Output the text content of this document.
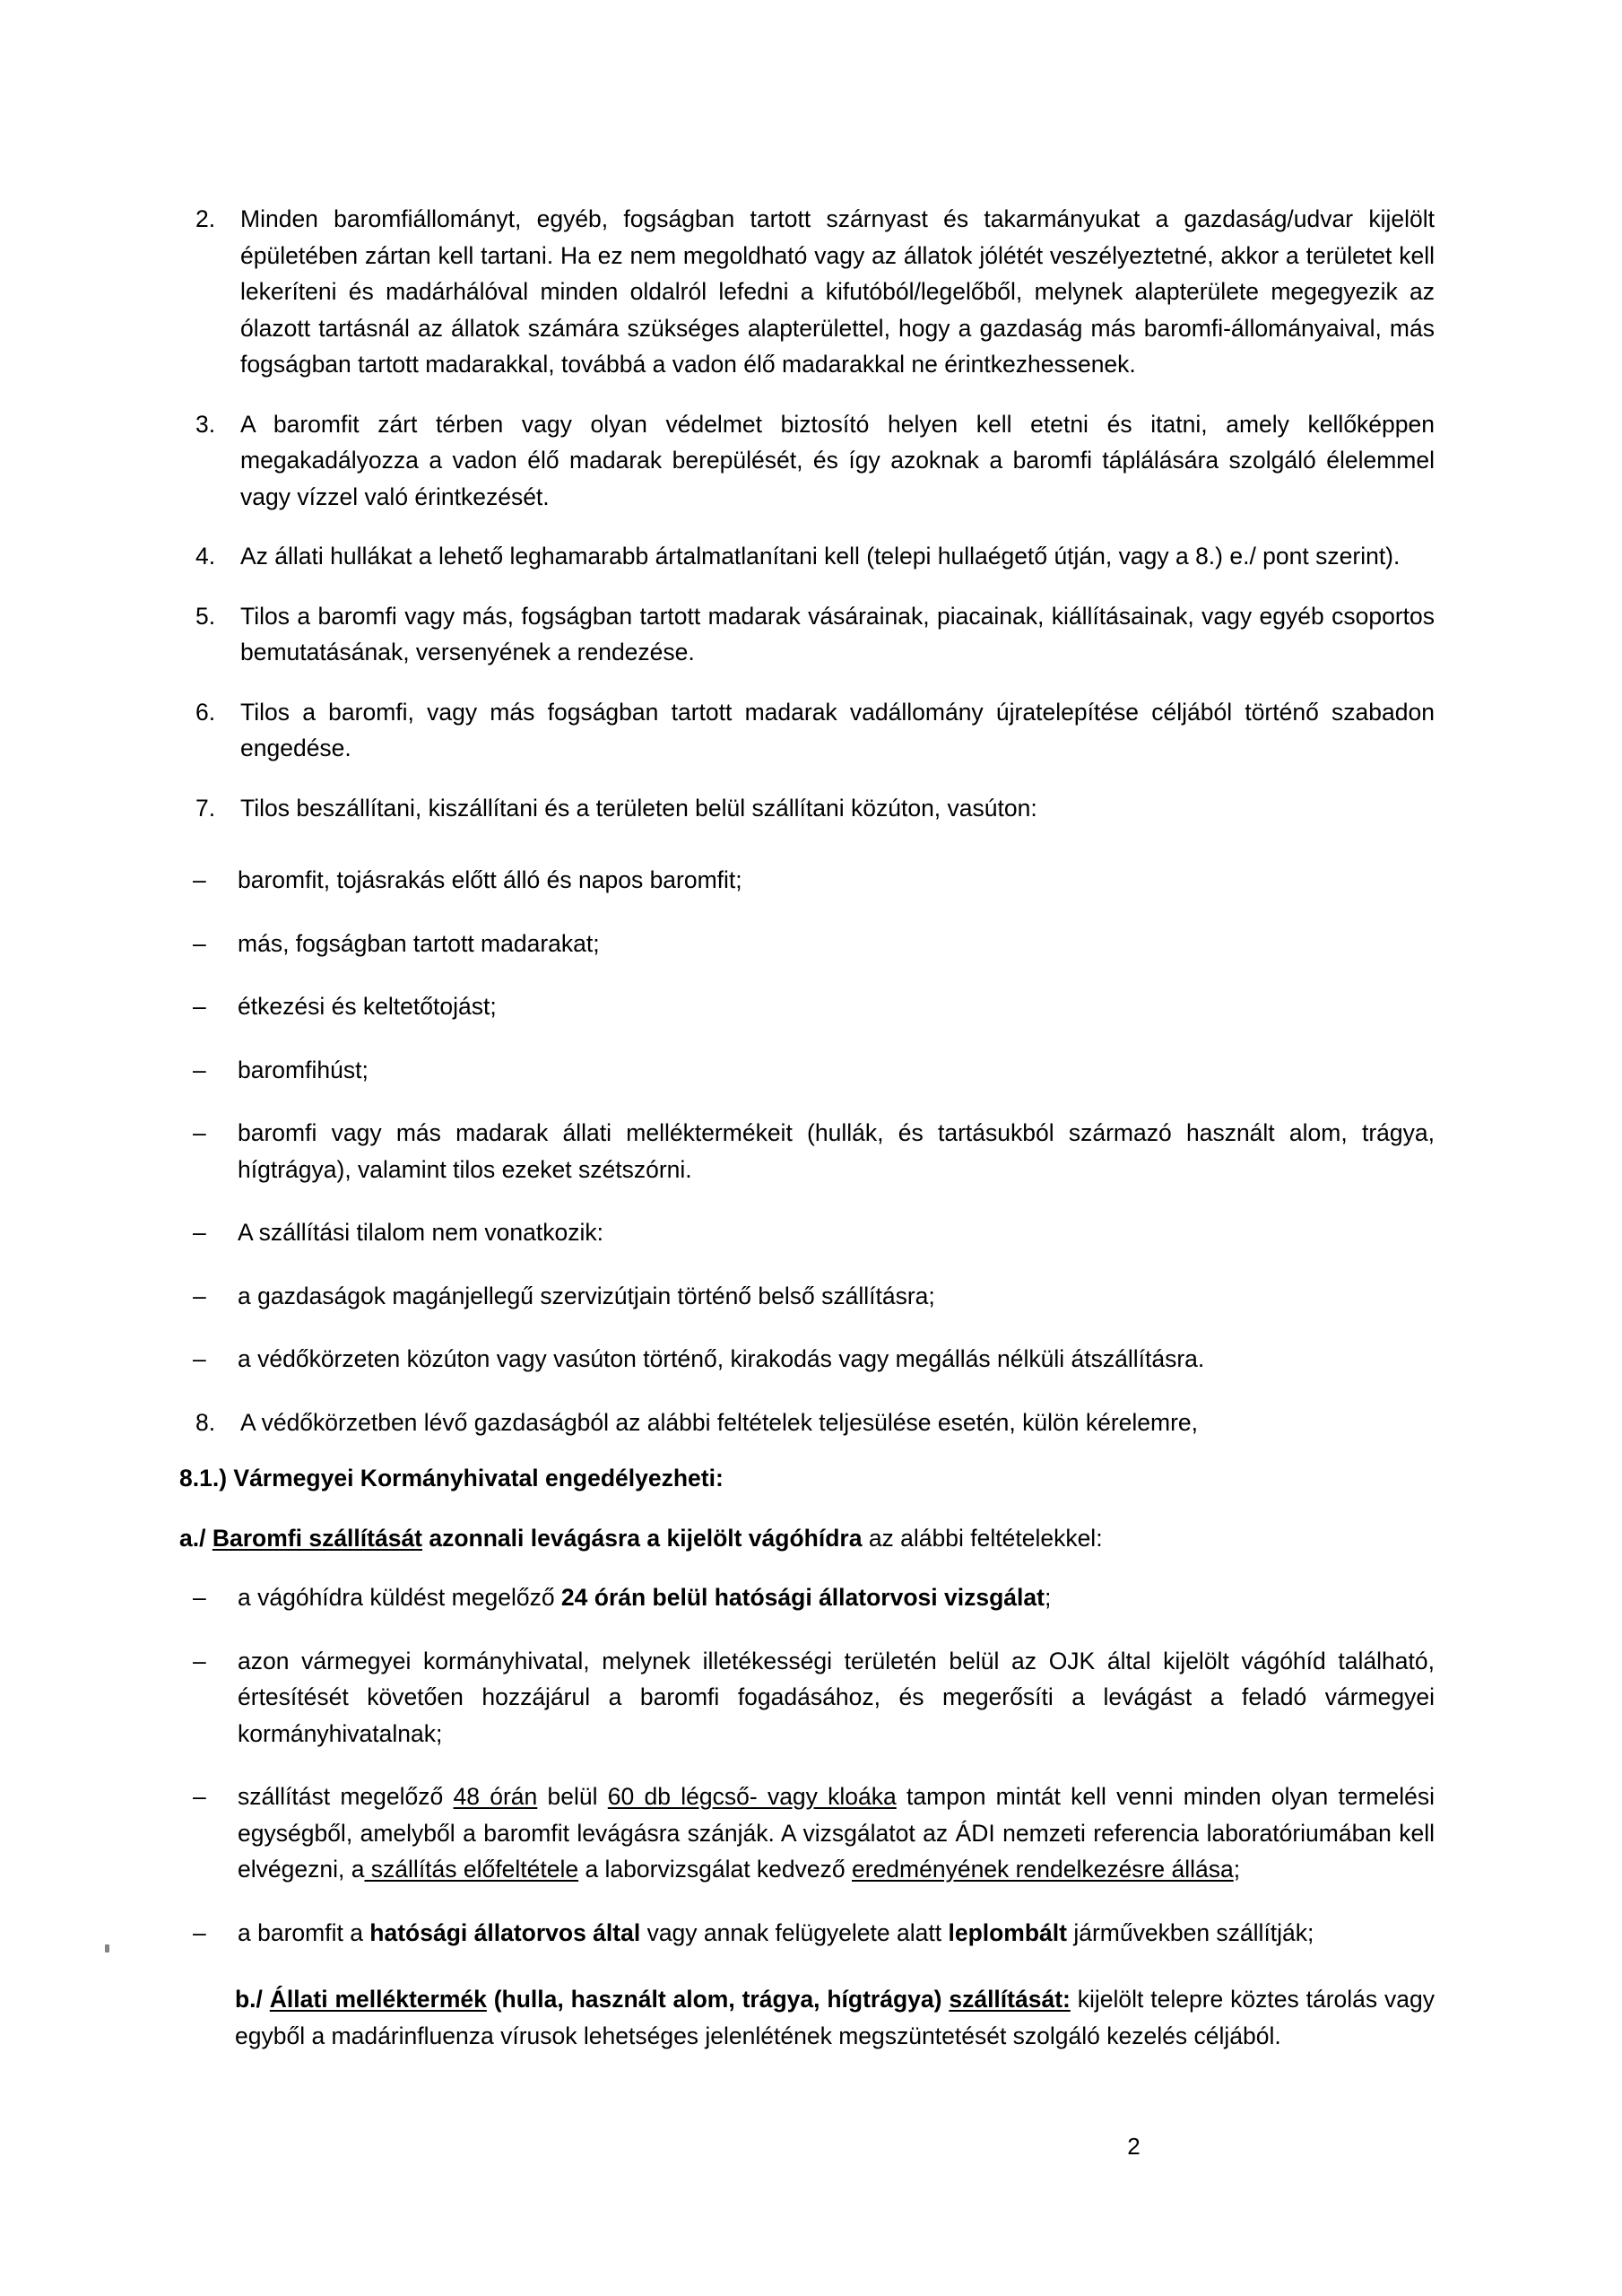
2.	Minden baromfiállományt, egyéb, fogságban tartott szárnyast és takarmányukat a gazdaság/udvar kijelölt épületében zártan kell tartani. Ha ez nem megoldható vagy az állatok jólétét veszélyeztetné, akkor a területet kell lekeríteni és madárhálóval minden oldalról lefedni a kifutóból/legelőből, melynek alapterülete megegyezik az ólazott tartásnál az állatok számára szükséges alapterülettel, hogy a gazdaság más baromfi-állományaival, más fogságban tartott madarakkal, továbbá a vadon élő madarakkal ne érintkezhessenek.
3.	A baromfit zárt térben vagy olyan védelmet biztosító helyen kell etetni és itatni, amely kellőképpen megakadályozza a vadon élő madarak berepülését, és így azoknak a baromfi táplálására szolgáló élelemmel vagy vízzel való érintkezését.
4.	Az állati hullákat a lehető leghamarabb ártalmatlanítani kell (telepi hullaégető útján, vagy a 8.) e./ pont szerint).
5.	Tilos a baromfi vagy más, fogságban tartott madarak vásárainak, piacainak, kiállításainak, vagy egyéb csoportos bemutatásának, versenyének a rendezése.
6.	Tilos a baromfi, vagy más fogságban tartott madarak vadállomány újratelepítése céljából történő szabadon engedése.
7.	Tilos beszállítani, kiszállítani és a területen belül szállítani közúton, vasúton:
– baromfit, tojásrakás előtt álló és napos baromfit;
– más, fogságban tartott madarakat;
– étkezési és keltetőtojást;
– baromfihúst;
– baromfi vagy más madarak állati melléktermékeit (hullák, és tartásukból származó használt alom, trágya, hígtrágya), valamint tilos ezeket szétszórni.
– A szállítási tilalom nem vonatkozik:
– a gazdaságok magánjellegű szervizútjain történő belső szállításra;
– a védőkörzeten közúton vagy vasúton történő, kirakodás vagy megállás nélküli átszállításra.
8.	A védőkörzetben lévő gazdaságból az alábbi feltételek teljesülése esetén, külön kérelemre,
8.1.) Vármegyei Kormányhivatal engedélyezheti:
a./ Baromfi szállítását azonnali levágásra a kijelölt vágóhídra az alábbi feltételekkel:
– a vágóhídra küldést megelőző 24 órán belül hatósági állatorvosi vizsgálat;
– azon vármegyei kormányhivatal, melynek illetékességi területén belül az OJK által kijelölt vágóhíd található, értesítését követően hozzájárul a baromfi fogadásához, és megerősíti a levágást a feladó vármegyei kormányhivatalnak;
– szállítást megelőző 48 órán belül 60 db légcső- vagy kloáka tampon mintát kell venni minden olyan termelési egységből, amelyből a baromfit levágásra szánják. A vizsgálatot az ÁDI nemzeti referencia laboratóriumában kell elvégezni, a szállítás előfeltétele a laborvizsgálat kedvező eredményének rendelkezésre állása;
– a baromfit a hatósági állatorvos által vagy annak felügyelete alatt leplombált járművekben szállítják;
b./ Állati melléktermék (hulla, használt alom, trágya, hígtrágya) szállítását: kijelölt telepre köztes tárolás vagy egyből a madárinfluenza vírusok lehetséges jelenlétének megszüntetését szolgáló kezelés céljából.
2
